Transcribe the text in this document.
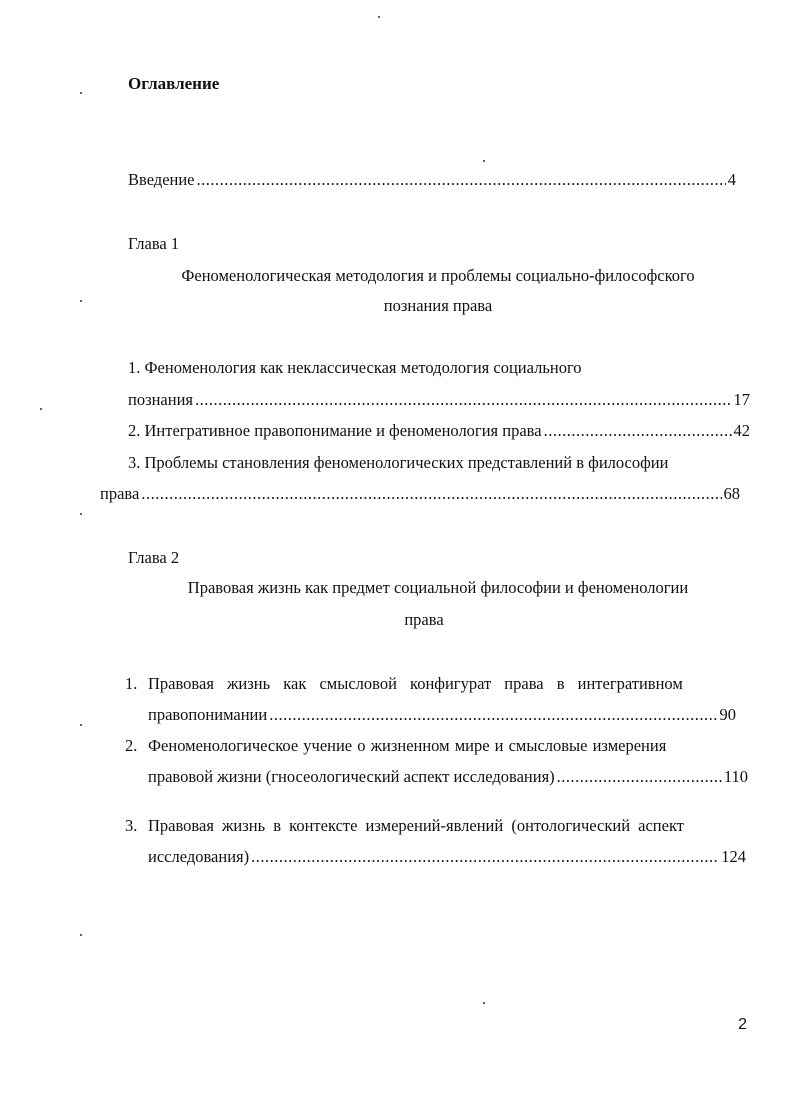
Оглавление
Введение .....	4
Глава 1
Феноменологическая методология и проблемы социально-философского
познания права
1. Феноменология как неклассическая методология социального
познания .....	17
2. Интегративное правопонимание и феноменология права .....	42
3. Проблемы становления феноменологических представлений в философии
права .....	68
Глава 2
Правовая жизнь как предмет социальной философии и феноменологии
права
1. Правовая жизнь как смысловой конфигурат права в интегративном
правопонимании .....	90
2. Феноменологическое учение о жизненном мире и смысловые измерения
правовой жизни (гносеологический аспект исследования) .....	110
3. Правовая жизнь в контексте измерений-явлений (онтологический аспект
исследования) .....	124
2
